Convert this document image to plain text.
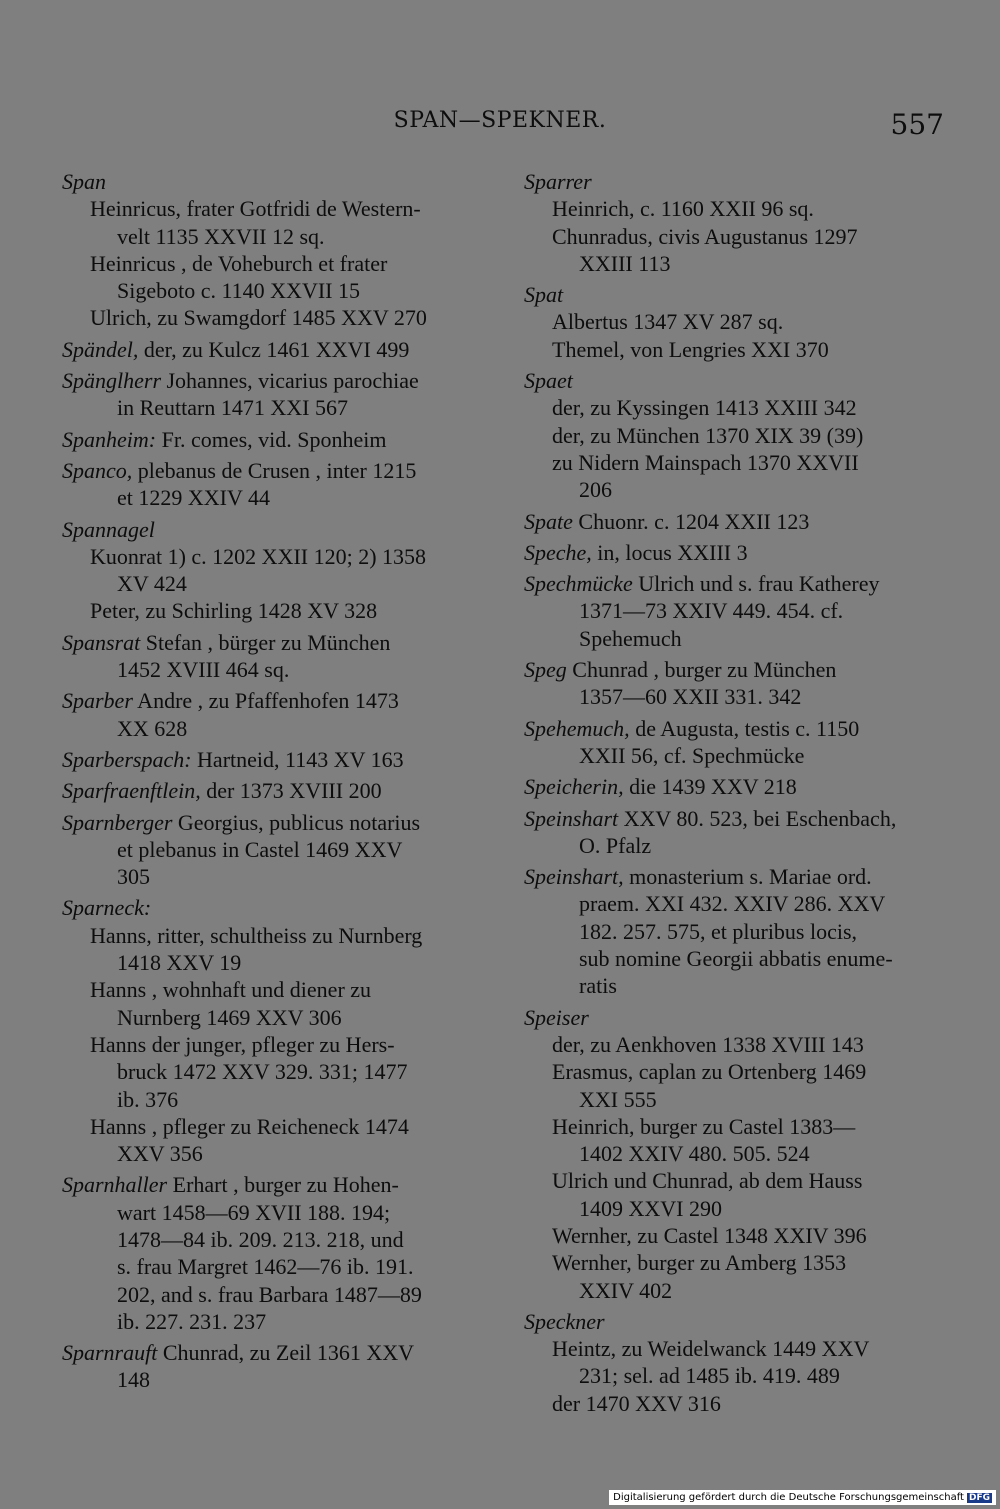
SPAN—SPEKNER.	557
Span
Heinricus, frater Gotfridi de Western-
velt 1135 XXVII 12 sq.
Heinricus , de Voheburch et frater
Sigeboto c. 1140 XXVII 15
Ulrich, zu Swamgdorf 1485 XXV 270
Spändel, der, zu Kulcz 1461 XXVI 499
Spänglherr Johannes, vicarius parochiae
in Reuttarn 1471 XXI 567
Spanheim: Fr. comes, vid. Sponheim
Spanco, plebanus de Crusen , inter 1215
et 1229 XXIV 44
Spannagel
Kuonrat 1) c. 1202 XXII 120; 2) 1358
XV 424
Peter, zu Schirling 1428 XV 328
Spansrat Stefan , bürger zu München
1452 XVIII 464 sq.
Sparber Andre , zu Pfaffenhofen 1473
XX 628
Sparberspach: Hartneid, 1143 XV 163
Sparfraenftlein, der 1373 XVIII 200
Sparnberger Georgius, publicus notarius
et plebanus in Castel 1469 XXV
305
Sparneck:
Hanns, ritter, schultheiss zu Nurnberg
1418 XXV 19
Hanns , wohnhaft und diener zu
Nurnberg 1469 XXV 306
Hanns der junger, pfleger zu Hers-
bruck 1472 XXV 329. 331; 1477
ib. 376
Hanns , pfleger zu Reicheneck 1474
XXV 356
Sparnhaller Erhart , burger zu Hohen-
wart 1458—69 XVII 188. 194;
1478—84 ib. 209. 213. 218, und
s. frau Margret 1462—76 ib. 191.
202, and s. frau Barbara 1487—89
ib. 227. 231. 237
Sparnrauft Chunrad, zu Zeil 1361 XXV
148
Sparrer
Heinrich, c. 1160 XXII 96 sq.
Chunradus, civis Augustanus 1297
XXIII 113
Spat
Albertus 1347 XV 287 sq.
Themel, von Lengries XXI 370
Spaet
der, zu Kyssingen 1413 XXIII 342
der, zu München 1370 XIX 39 (39)
zu Nidern Mainspach 1370 XXVII
206
Spate Chuonr. c. 1204 XXII 123
Speche, in, locus XXIII 3
Spechmücke Ulrich und s. frau Katherey
1371—73 XXIV 449. 454. cf.
Spehemuch
Speg Chunrad , burger zu München
1357—60 XXII 331. 342
Spehemuch, de Augusta, testis c. 1150
XXII 56, cf. Spechmücke
Speicherin, die 1439 XXV 218
Speinshart XXV 80. 523, bei Eschenbach,
O. Pfalz
Speinshart, monasterium s. Mariae ord.
praem. XXI 432. XXIV 286. XXV
182. 257. 575, et pluribus locis,
sub nomine Georgii abbatis enume-
ratis
Speiser
der, zu Aenkhoven 1338 XVIII 143
Erasmus, caplan zu Ortenberg 1469
XXI 555
Heinrich, burger zu Castel 1383—
1402 XXIV 480. 505. 524
Ulrich und Chunrad, ab dem Hauss
1409 XXVI 290
Wernher, zu Castel 1348 XXIV 396
Wernher, burger zu Amberg 1353
XXIV 402
Speckner
Heintz, zu Weidelwanck 1449 XXV
231; sel. ad 1485 ib. 419. 489
der 1470 XXV 316
Digitalisierung gefördert durch die Deutsche Forschungsgemeinschaft DFG
